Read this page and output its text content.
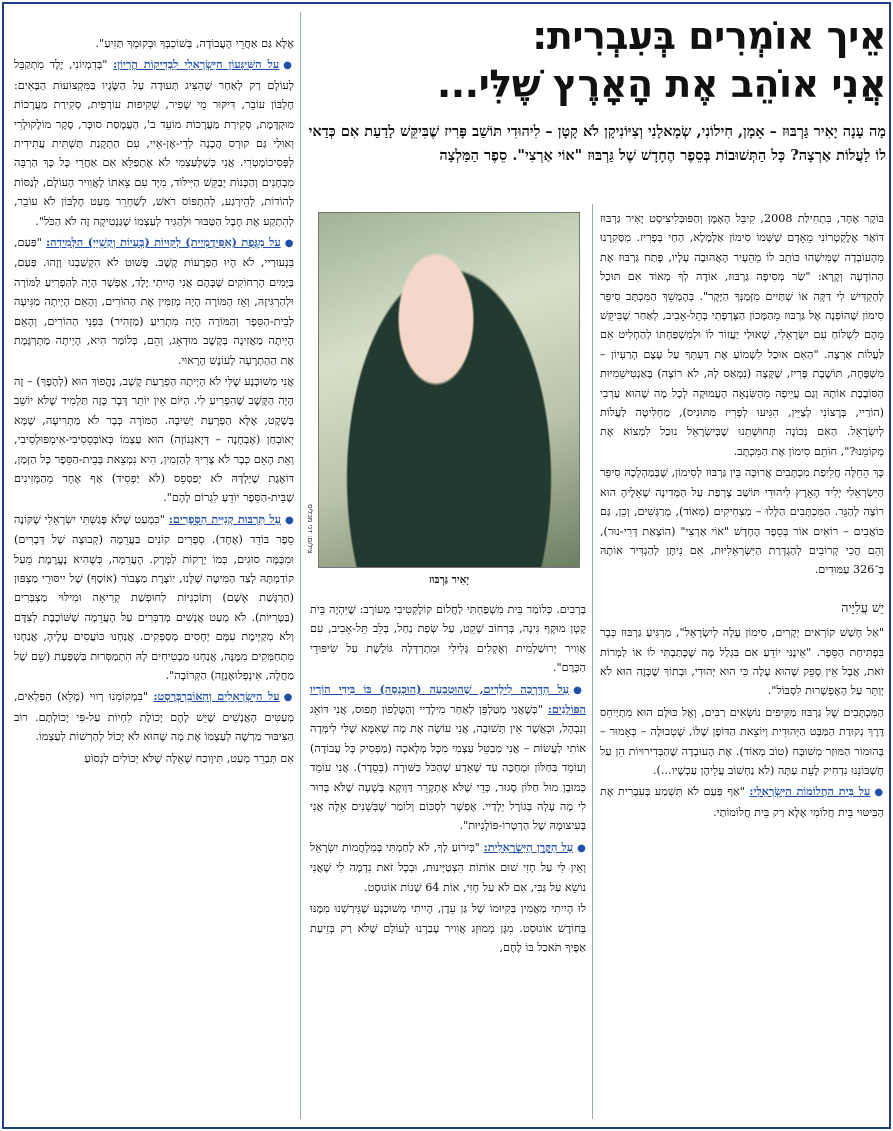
אֵיך אוֹמְרִים בְּעִבְרִית:
אֲנִי אוֹהֵב אֶת הָאָרֶץ שֶׁלִּי...
מָה עָנָה יָאִיר גַּרְבּוּז – אָמָן, חִילוֹנִי, שְׂמָאלָנִי וְצִיּוֹנִיקָן לֹא קָטָן – לִיהוּדִי תּוֹשַׁב פָּרִיז שֶׁבִּיקֵּשׁ לָדַעַת אִם כְּדַאי לוֹ לַעֲלוֹת אַרְצָה? כָּל הַתְּשׁוּבוֹת בְּסֵפֶר הֶחָדָשׁ שֶׁל גַּרְבּוּז "אוֹי אַרְצִי". סֵפֶר הַמַּלְצָה
צילום: דני מכליס
יָאִיר גַּרְבּוּז

בּוֹקֶר אֶחָד, בִּתְחִילַּת 2008, קִיבֵּל הָאָמָּן וְהַפּוּבְּלִיצִיסְט יָאִיר גַּרְבּוּז דּוֹאַר אֶלֶקְטְרוֹנִי מֵאָדָם שֶׁשְּׁמוֹ סִימוֹן אַלְמָלֶא, הַחַי בְּפָרִיז. מִסְּקִרָנוּ מֵהָעוֹבְדָה שֶׁמִּישֶׁהוּ כּוֹתֵב לוֹ מֵהֵעָיר הָאֲהוּבָה עָלָיו, פָּתַח גַּרְבּוּז אֶת הַהוֹדָעָה וְקָרָא: "שַׂר מְסִיפָה גַּרְבּוּז, אוֹדֶה לְךָ מְאוֹד אִם תּוּכַל לְהַקְדִּישׁ לִי דַּקָּה אוֹ שְׁתַּיִים מִזְּמַנְּךָ הַיָּקָר". בְּהֶמְשֵׁךְ הַמִּכְתָּב סִיפֵּר סִימוֹן שֶׁהוֹפְנָה אֶל גַּרְבּוּז מֵהַמָּכוֹן הַצָּרְפָתִי בְּתֵל-אָבִיב, לְאַחַר שֶׁבִּיקֵּשׁ מֵהֶם לִשְׁלוֹחַ עִם יִשְׂרָאֵלִי, שֶׁאוּלַי יַעֲזוֹר לוֹ וּלְמִשְׁפַּחְתּוֹ לְהַחְלִיט אִם לַעֲלוֹת אַרְצָה. "הַאִם אוּכַל לִשְׁמוֹעַ אֶת דַּעְתְּךָ עַל עֶצֶם הָרַעְיוֹן – מִשְׁפָּחָה, תּוֹשֶׁבֶת פָּרִיז, שֶׁקָּצָה (נִמְאַס לָהּ, לֹא רוֹצָה) בָּאַנְטִישֵׁמִיּוּת הַסּוֹבֶבֶת אוֹתָהּ וְגַם עֲיֵיפָה מֵהַשִּׂנְאָה הָעֲמוּקָה לְכָל מָה שֶׁהוּא עַרְבִי (הוֹרַיי, בְּרָצוֹנִי לְצַיֵּין, הִגִּיעוּ לְפָרִיז מִתּוּנִיס), מַחְלִיטָה לַעֲלוֹת לְיִשְׂרָאֵל. הַאִם נְכוֹנָה תְּחוּשָׁתֵנוּ שֶׁבְּיִשְׂרָאֵל נוּכַל לִמְצוֹא אֶת מְקוֹמֵנוּ?", חוֹתֵם סִימוֹן אֶת הַמִּכְתָּב.

כָּךְ הֵחֵלָּה חֲלִיפַת מִכְתָּבִים אֲרוּכָּה בֵּין גַּרְבּוּז לְסִימוֹן, שֶׁבְּמַהְלָכָהּ סִיפֵּר הַיִּשְׂרְאֵלִי יְלִיד הָאָרֶץ לִיהוּדִי תּוֹשַׁב צָרְפַת עַל הַמְּדִינָה שֶׁאֵלֶיהָ הוּא רוֹצֶה לְהַגֵּר. הַמִּכְתָּבִים הַלָּלוּ – מַצְחִיקִים (מְאוֹד), מְרַגְּשִׁים, וְכֵן, גַּם כּוֹאֲבִים – רוֹאִים אוֹר בְּסֵפֶר הֶחָדָשׁ "אוֹי אַרְצִי" (הוֹצָאַת דְּרִי-נוּר), וְהֵם הֲכִי קְרוֹבִים לְהַגְדָּרַת הַיִּשְׂרְאֵלִיּוּת, אִם נִיתָּן לְהַגְדִּיר אוֹתָהּ בְּ־326 עַמּוּדִים.

יֵשׁ עֲלִיָּיה

"אַל חָשַׁשׁ קוֹרְאִים יְקָרִים, סִימוֹן עָלָה לְיִשְׂרָאֵל", מַרְגִּיעַ גַּרְבּוּז כְּבָר בִּפְתִיחַת הַסֵּפֶר. "אֵינֶנִּי יוֹדֵעַ אִם בִּגְלַל מָה שֶׁכָּתַבְתִּי לוֹ אוֹ לַמְרוֹת זֹאת, אֲבָל אֵין סָפֵק שֶׁהוּא עָלָה כִּי הוּא יְהוּדִי, וּבְתוֹךְ שֶׁכָּזֶה הוּא לֹא יְוַתֵּר עַל הָאֶפְשָׁרוּת לִסְבּוֹל".

הַמִּכְתָּבִים שֶׁל גַּרְבּוּז מַקִּיפִים נוֹשְׂאִים רַבִּים, וְאֶל כּוּלָּם הוּא מִתְיַיחֵס דֶּרֶךְ נְקוּדַת הַמַּבָּט הַיְּהוּדִית וְיוֹצֵאת הַדּוֹפֶן שֶׁלּוֹ, שֶׁטְבוּלָה – כְּאָמוּר – בְּהוּמוֹר הַמּוּזַר מְשׁוּבָּח (טוֹב מְאוֹד). אֶת הָעוּבְדָה שֶׁהַבְּדִירוּיוֹת הֵן עַל חֶשְׁבּוֹנֵנוּ נִדְחִיק לָעֵת עַתָּה (לֹא נַחְשׁוֹב עֲלֵיהֶן עַכְשָׁיו...).

●עַל בֵּית הַחֲלוֹמוֹת הַיִּשְׂרְאֵלִי: "אַף פַּעַם לֹא תִּשְׁמַע בְּעִבְרִית אֶת הַבִּיטּוּי בֵּית חֲלוֹמִי אֶלָּא רַק בֵּית חֲלוֹמוֹתַי.

בְּרָבִים. כְּלוֹמַר בֵּית מִשְׁפַּחְתִּי לַחֲלוֹם קוֹלֶקְטִיבִי מְעוֹרָב: שֶׁיִּהְיֶה בֵּית קָטָן מוּקָף גִּינָה, בְּרְחוֹב שָׁקֵט, עַל שְׂפַת נַחַל, בְּלֵב תֵּל-אָבִיב, עִם אֲוִויר יְרוּשַׁלְמִית וְאֶקְלִים גָּלִילִי וּמִתְרְדְּלָה גּוֹלֶשֶׁת עַל שִׂיפּוּדֵי הַכֶּרֶם".

●עַל הַדְּרָכָה לִילָדִים, שֶׁהוּטְבָעָה (הוּכְנְסָה) בּוֹ בִּידֵי הוֹרָיו הַפּוֹלָנִים: "כְּשֶׁאֲנִי מְטַלְפֵּן לְאַחַר מִילָדַיי וְהַטֶּלֶפוֹן תָּפוּס, אֲנִי דּוֹאֵג וְנִבְהָל, וּכְאֲשֶׁר אֵין תְּשׁוּבָה, אֲנִי עוֹשֶׂה אֶת מָה שֶׁאִמָּא שֶׁלִּי לִימְּדָה אוֹתִי לַעֲשׂוֹת – אֲנִי מְבַטֵּל עַצְמִי מִכָּל מְלָאכָה (מַפְסִיק כָּל עֲבוֹדָה) וְעוֹמֵד בַּחַלּוֹן וּמְחַכֶּה עַד שֶׁאֵדַע שֶׁהַכֹּל כַּשּׁוּרָה (בְּסֵדֶר). אֲנִי עוֹמֵד כְּמוּבָן מוּל חַלּוֹן סָגוּר, כְּדֵי שֶׁלֹּא אֶתְקָרֵר דַּוְוקָא בְּשָׁעָה שֶׁלֹּא בָּרוּר לִי מָה עָלָה בְּגוֹרָל יְלָדַיי. אֶפְשָׁר לִסְכּוֹם וְלוֹמַר שֶׁבְּשָׁנִים אֵלֶּה אֲנִי בְּעִיצוּמָהּ שֶׁל הַרְטְרוֹ-פּוֹלָנִיּוּת".

●עַל הַקֶּרֶן הַיִּשְׂרְאֵלִית: "כְּיִרוּעַ לְךָ, לֹא לָחַמְתִּי בְּמִלְחֲמוֹת יִשְׂרָאֵל וְאֵין לִי עַל חָזִי שׁוּם אוֹתוֹת הִצְטַיְּינוּת, וּבְכָל זֹאת נִדְמֶה לִי שֶׁאֲנִי נוֹשֵׂא עַל גַּבִּי, אִם לֹא עַל חָזִי, אוֹת 64 שָׁנוֹת אוֹגוּסְט.

לוּ הָיִיתִי מַאֲמִין בְּקִיּוּמוֹ שֶׁל גַּן עֵדֶן, הָיִיתִי מְשׁוּכְנָע שֶׁגֵּירַשְׁנוּ מִמֶּנּוּ בְּחוֹדֶשׁ אוֹגוּסְט. מִגָּן מְמוּזָג אֲוִויר עָבַרְנוּ לָעוֹלָם שֶׁלֹּא רַק בְּזֵיעַת אַפֶּיךָ תֹּאכַל בּוֹ לֶחֶם,

אֶלָּא גַּם אַחֲרֵי הָעֲבוֹדָה, בְּשׁוֹכְבְּךָ וּבְקוּמְךָ תַּזִיעַ".

●עַל הַשִּׁיגָּעוֹן הַיִּשְׂרְאֵלִי לִבְדִיקוֹת הֶרָיוֹן: "בְּדִמְיוֹנִי, יֶלֶד מִתְקַבֵּל לָעוֹלָם רַק לְאַחַר שֶׁהִצִּיג תְּעוּדָה עַל הַשָּׂגָיו בַּמִּקְצוֹעוֹת הַבָּאִים: חֶלְבּוֹן עוֹבֵר, דִּיקּוּר מֵי שָׁפִיר, שְׁקִיפוּת עוֹרְפִית, סְקִירַת מַעֲרָכוֹת מוּקְדֶּמֶת, סְקִירַת מַעֲרָכוֹת מוֹעֵד ב', הַעֲמָסַת סוּכָּר, סֶקֶר מוֹלֶקוּלָרִי וְאוּלַי גַּם קוּרְס הֲכָנָה לְדֵי-אֶן-אֵיי, עִם הַתְקָנַת תַּשְׁתִּית עֲתִידִית לְפְּסִיכוֹמֶטְרִי. אֲנִי כְּשֶׁלְּעַצְמִי לֹא אֶתְפַּלֵּא אִם אַחֲרֵי כָּל כָּךְ הַרְבֵּה מִבְחָנִים וְהַכָּנוֹת יְבַקֵּשׁ הַיִּילּוֹד, מִיָּד עִם צֵאתוֹ לָאֲוִויר הָעוֹלָם, לְנַסּוֹת לְהוֹדוֹת, לְהֵירָגַע, לְהִתְפּוֹס רֹאשׁ, לְשַׁחְרֵר מֵעַט חֶלְבּוֹן לֹא עוֹבֵר, לְהִתְקַע אֶת חֶבֶל הַטַּבּוּר וּלְהַגִּיד לְעַצְמוֹ שֶׁגַּנְטִיקָה זֶה לֹא הַכֹּל".

●עַל מִגֶּפֶת (אֵפִּידֶמְיַית) לְקוּיוֹת (בְּעָיוֹת וְקָשְׁיֵי) הַלְּמִידָה: "פַּעַם, בִּנְעוּרַיי, לֹא הָיוּ הַפְרָעוֹת קֶשֶׁב. פָּשׁוּט לֹא הִקְשַׁבְנוּ וְזֶהוּ. פַּעַם, בַּיָּמִים הָרְחוֹקִים שֶׁבָּהֶם אֲנִי הָיִיתִי יֶלֶד, אֶפְשָׁר הָיָה לְהַפְרִיעַ לַמּוֹרָה וּלְהַרְגִּיזָהּ, וְאָז הַמּוֹרָה הָיָה מְזַמִּין אֶת הַהוֹרִים, וְהָאֵם הָיְיתָה מַגִּיעָה לְבֵית-הַסֵּפֶר וְהַמּוֹרָה הָיָה מִתְרִיעַ (מַזְהִיר) בִּפְנֵי הַהוֹרִים, וְהָאֵם הָיְיתָה מַאֲזִינָה בְּקֶשֶׁב מוּדְאָג, וְהֵם, כְּלוֹמַר הִיא, הָיְיתָה מַתְרְגֶּמֶת אֶת הַהַתְרָעָה לְעוֹנֶשׁ הָרָאוּי.

אֲנִי מְשׁוּכְנָע שֶׁלִּי לֹא הָיְיתָה הַפְרָעַת קֶשֶׁב, נֶהֱפוֹךְ הוּא (לְהֶפֶךְ) – זֶה הָיָה הַקֶּשֶׁב שֶׁהִפְרִיעַ לִי. הַיּוֹם אֵין יוֹתֵר דָּבָר כָּזֶה תַּלְמִיד שֶׁלֹּא יוֹשֵׁב בְּשֶׁקֶט, אֶלָּא הַפְרָעַת יְשִׁיבָה. הַמּוֹרָה כְּבָר לֹא מַתְרִיעָה, שֶׁמָּא יְאוּבְחַן (אֶבְחָנָה – דְּיָאגְנוֹזָה) הוּא עַצְמוֹ כְּאוֹבְּסֵסִיבִי-אִימְפּוּלְסִיבִי, וְאֵת הָאֵם כְּבָר לֹא צָרִיךְ לְהַזְמִין, הִיא נִמְצֵאת בְּבֵית-הַסֵּפֶר כָּל הַזְּמַן, דּוֹאֶגֶת שֶׁיַּלְדָּהּ לֹא יְפַסְפֵס (לֹא יַפְסִיד) אַף אֶחָד מֵהַמְּזִינִים שֶׁבֵּית-הַסֵּפֶר יוֹדֵעַ לִגְרוֹם לָהֶם".

●עַל תַּרְבּוּת קְנִיַּית הַסְּפָרִים: "כִּמְעַט שֶׁלֹּא פָּגַשְׁתִּי יִשְׂרְאֵלִי שֶׁקּוֹנֶה סֵפֶר בּוֹדֵד (אֶחָד). סְפָרִים קוֹנִים בַּעֲרֵמָה (קְבוּצָה שֶׁל דְּבָרִים) וּמִכָּמָּה סוּגִים, כְּמוֹ יְרָקוֹת לַמָּרָק. הָעֲרֵמָה, כְּשֶׁהִיא נֶעֱרֶמֶת מֵעַל קוֹדַמְתָּהּ לְצַד הַמִּיטָּה שֶׁלָּנוּ, יוֹצֶרֶת מַצָּבוֹר (אוֹסֶף) שֶׁל יִיסּוּרֵי מַצְפּוּן (הַרְגָּשַׁת אָשָׁם) וְתוֹכְנִיּוֹת לְחוּפְשַׁת קְרִיאָה וּמִילּוּי מַצְבְּרִים (בַּטְּרִיּוֹת). לֹא מְעַט אֲנָשִׁים מְדַבְּרִים עַל הָעֲרֵמָה שֶׁשּׁוֹכֶבֶת לְצִדָּם וְלֹא מְקַיְּימֶת עִמָּם יְחָסִים מְסַפְּקִים. אֲנַחְנוּ כּוֹעֲסִים עָלֶיהָ, אֲנַחְנוּ מִתְחַמְּקִים מִמֶּנָּה, אֲנַחְנוּ מַבְטִיחִים לָהּ הִתְמַסְּרוּת בַּשְׁפַּעַת (שֵׁם שֶׁל מַחֲלָה, אִינְפְלוּאֶנְזָה) הַקְּרוֹבָה".

●עַל הַיִּשְׂרְאֵלִים וְהָאוֹבֵרְבְּרֶסְט: "בִּמְקוֹמֵנוּ רְווּי (מָלֵא) הַפַּלְאִים, מְעַטִּים הָאֲנָשִׁים שֶׁיֵּשׁ לָהֶם יְכוֹלֶת לִחְיוֹת עַל-פִּי יְכוֹלְתָּם. רוֹב הַצִּיבּוּר מַרְשֶׁה לְעַצְמוֹ אֶת מָה שֶׁהוּא לֹא יָכוֹל לְהַרְשׁוֹת לְעַצְמוֹ.

אִם תְּבַרֵר מְעַט, תִּיוָּוכַח שֶׁאֵלָּה שֶׁלֹּא יְכוֹלִים לִנְסוֹעַ
